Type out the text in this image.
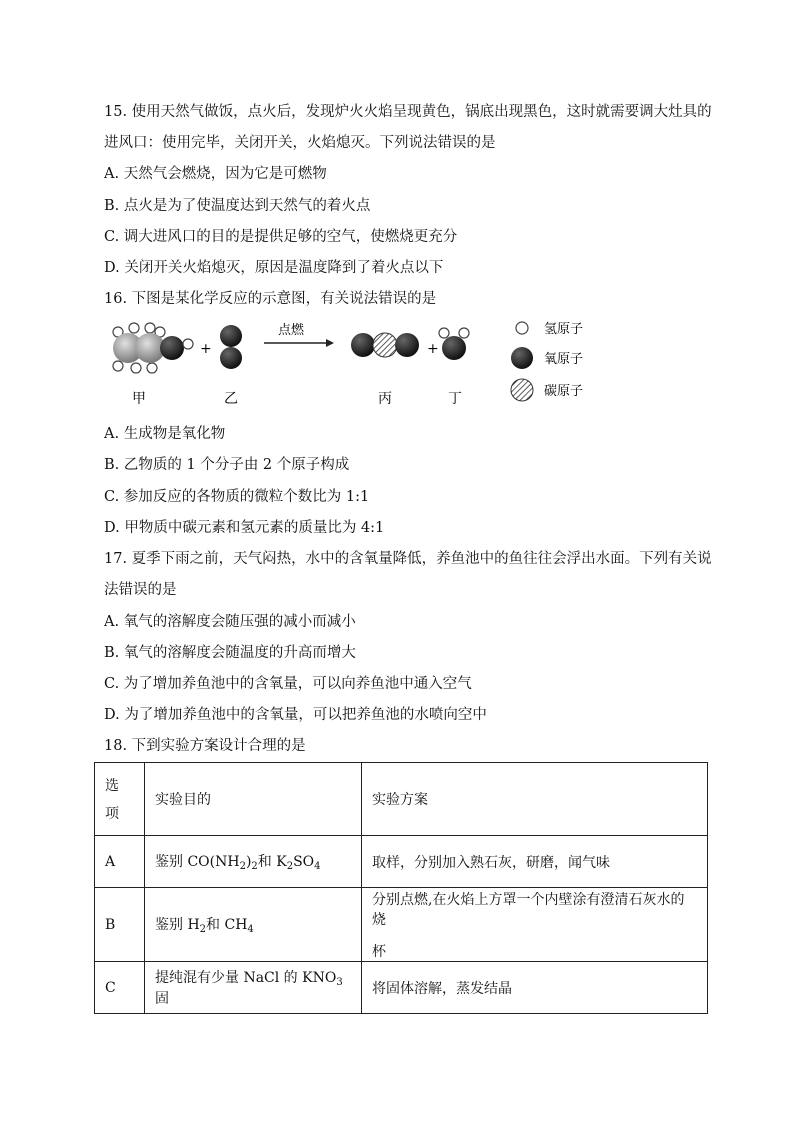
15. 使用天然气做饭，点火后，发现炉火火焰呈现黄色，锅底出现黑色，这时就需要调大灶具的
进风口：使用完毕，关闭开关，火焰熄灭。下列说法错误的是
A. 天然气会燃烧，因为它是可燃物
B. 点火是为了使温度达到天然气的着火点
C. 调大进风口的目的是提供足够的空气，使燃烧更充分
D. 关闭开关火焰熄灭，原因是温度降到了着火点以下
16. 下图是某化学反应的示意图，有关说法错误的是
甲
+
乙
点燃
丙
+
丁
氢原子
氧原子
碳原子
A. 生成物是氧化物
B. 乙物质的 1 个分子由 2 个原子构成
C. 参加反应的各物质的微粒个数比为 1:1
D. 甲物质中碳元素和氢元素的质量比为 4:1
17. 夏季下雨之前，天气闷热，水中的含氧量降低，养鱼池中的鱼往往会浮出水面。下列有关说
法错误的是
A. 氧气的溶解度会随压强的减小而减小
B. 氧气的溶解度会随温度的升高而增大
C. 为了增加养鱼池中的含氧量，可以向养鱼池中通入空气
D. 为了增加养鱼池中的含氧量，可以把养鱼池的水喷向空中
18. 下到实验方案设计合理的是
选
项	实验目的	实验方案
A	鉴别 $CO(NH_2)_2$和 $K_2SO_4$	取样，分别加入熟石灰，研磨，闻气味
B	鉴别 $H_2$和 $CH_4$	分别点燃,在火焰上方罩一个内壁涂有澄清石灰水的烧
杯

C	提纯混有少量 NaCl 的 $KNO_3$固	将固体溶解，蒸发结晶
